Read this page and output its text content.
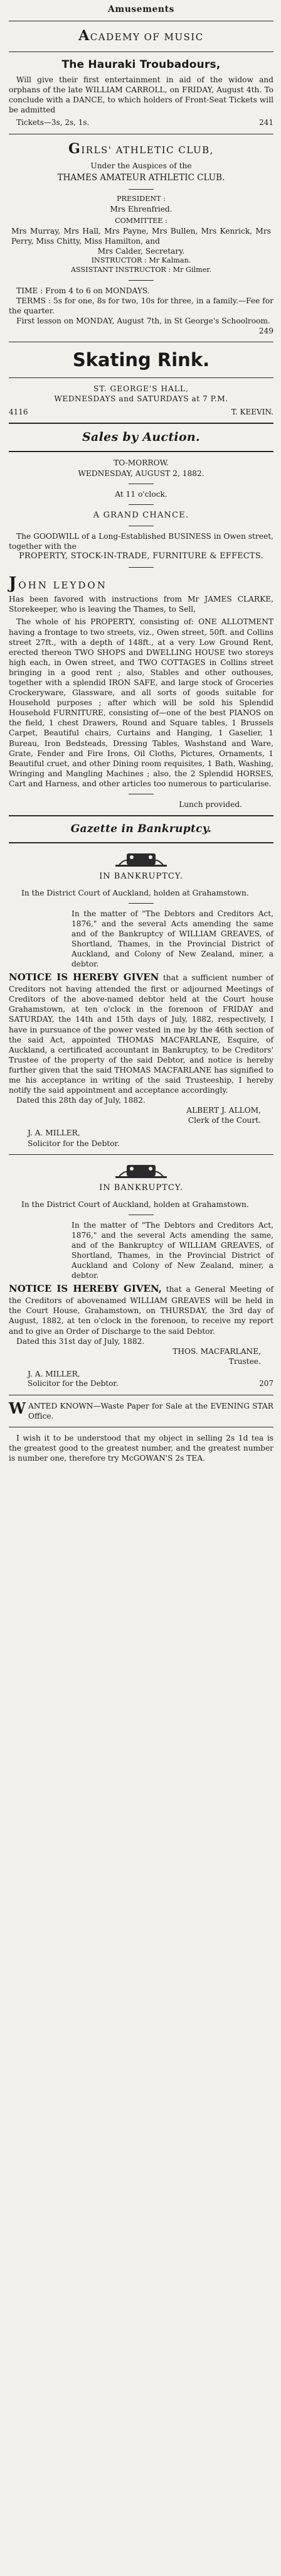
Amusements
ACADEMY OF MUSIC
The Hauraki Troubadours,

Will give their first entertainment in aid of the widow and orphans of the late WILLIAM CARROLL, on FRIDAY, August 4th. To conclude with a DANCE, to which holders of Front-Seat Tickets will be admitted

Tickets—3s, 2s, 1s.	241
GIRLS' ATHLETIC CLUB,
Under the Auspices of the
THAMES AMATEUR ATHLETIC CLUB.
PRESIDENT :
Mrs Ehrenfried.
COMMITTEE :

Mrs Murray, Mrs Hall, Mrs Payne, Mrs Bullen, Mrs Kenrick, Mrs Perry, Miss Chitty, Miss Hamilton, and

Mrs Calder, Secretary.
INSTRUCTOR : Mr Kalman.
ASSISTANT INSTRUCTOR : Mr Gilmer.

TIME : From 4 to 6 on MONDAYS.

TERMS : 5s for one, 8s for two, 10s for three, in a family.—Fee for the quarter.

First lesson on MONDAY, August 7th, in St George's Schoolroom.

249
Skating Rink.
ST. GEORGE'S HALL,
WEDNESDAYS and SATURDAYS at 7 P.M.
4116	T. KEEVIN.
Sales by Auction.
TO-MORROW.
WEDNESDAY, AUGUST 2, 1882.
At 11 o'clock.
A GRAND CHANCE.

The GOODWILL of a Long-Established BUSINESS in Owen street, together with the

PROPERTY, STOCK-IN-TRADE, FURNITURE & EFFECTS.

JOHN LEYDON

Has been favored with instructions from Mr JAMES CLARKE, Storekeeper, who is leaving the Thames, to Sell,

The whole of his PROPERTY, consisting of: ONE ALLOTMENT having a frontage to two streets, viz., Owen street, 50ft. and Collins street 27ft., with a depth of 148ft., at a very Low Ground Rent, erected thereon TWO SHOPS and DWELLING HOUSE two storeys high each, in Owen street, and TWO COTTAGES in Collins street bringing in a good rent ; also, Stables and other outhouses, together with a splendid IRON SAFE, and large stock of Groceries Crockeryware, Glassware, and all sorts of goods suitable for Household purposes ; after which will be sold his Splendid Household FURNITURE, consisting of—one of the best PIANOS on the field, 1 chest Drawers, Round and Square tables, 1 Brussels Carpet, Beautiful chairs, Curtains and Hanging, 1 Gaselier, 1 Bureau, Iron Bedsteads, Dressing Tables, Washstand and Ware, Grate, Fender and Fire Irons, Oil Cloths, Pictures, Ornaments, 1 Beautiful cruet, and other Dining room requisites, 1 Bath, Washing, Wringing and Mangling Machines ; also, the 2 Splendid HORSES, Cart and Harness, and other articles too numerous to particularise.

Lunch provided.
Gazette in Bankruptcy.
IN BANKRUPTCY.

In the District Court of Auckland, holden at Grahamstown.

In the matter of "The Debtors and Creditors Act, 1876," and the several Acts amending the same and of the Bankruptcy of WILLIAM GREAVES, of Shortland, Thames, in the Provincial District of Auckland, and Colony of New Zealand, miner, a debtor.

NOTICE IS HEREBY GIVEN that a sufficient number of Creditors not having attended the first or adjourned Meetings of Creditors of the above-named debtor held at the Court house Grahamstown, at ten o'clock in the forenoon of FRIDAY and SATURDAY, the 14th and 15th days of July, 1882, respectively, I have in pursuance of the power vested in me by the 46th section of the said Act, appointed THOMAS MACFARLANE, Esquire, of Auckland, a certificated accountant in Bankruptcy, to be Creditors' Trustee of the property of the said Debtor, and notice is hereby further given that the said THOMAS MACFARLANE has signified to me his acceptance in writing of the said Trusteeship, I hereby notify the said appointment and acceptance accordingly.

Dated this 28th day of July, 1882.

ALBERT J. ALLOM,
Clerk of the Court.
J. A. MILLER,
Solicitor for the Debtor.
IN BANKRUPTCY.

In the District Court of Auckland, holden at Grahamstown.

In the matter of "The Debtors and Creditors Act, 1876," and the several Acts amending the same, and of the Bankruptcy of WILLIAM GREAVES, of Shortland, Thames, in the Provincial District of Auckland and Colony of New Zealand, miner, a debtor.

NOTICE IS HEREBY GIVEN, that a General Meeting of the Creditors of abovenamed WILLIAM GREAVES will be held in the Court House, Grahamstown, on THURSDAY, the 3rd day of August, 1882, at ten o'clock in the forenoon, to receive my report and to give an Order of Discharge to the said Debtor.

Dated this 31st day of July, 1882.

THOS. MACFARLANE,
Trustee.
J. A. MILLER,
Solicitor for the Debtor.	207

WANTED KNOWN—Waste Paper for Sale at the EVENING STAR Office.

I wish it to be understood that my object in selling 2s 1d tea is the greatest good to the greatest number, and the greatest number is number one, therefore try McGOWAN'S 2s TEA.
